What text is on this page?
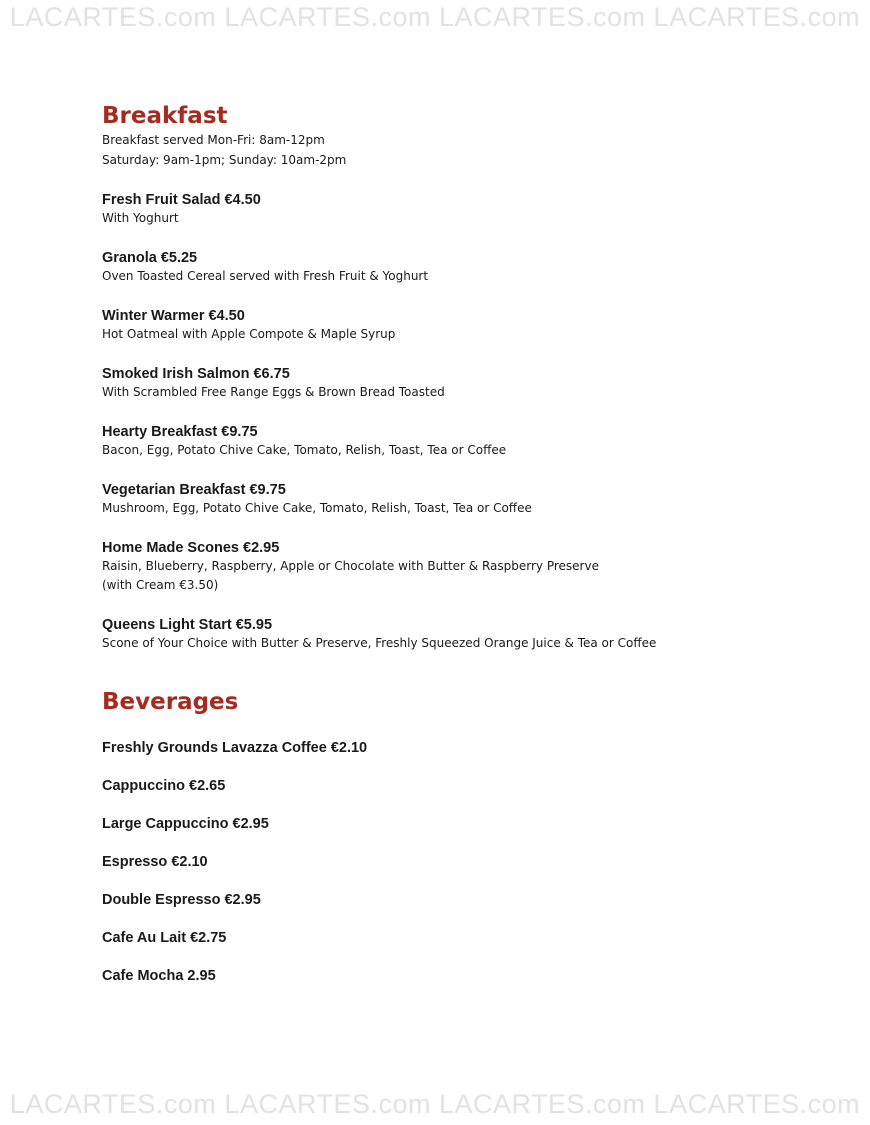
LACARTES.com LACARTES.com LACARTES.com LACARTES.com
Breakfast
Breakfast served Mon-Fri: 8am-12pm
Saturday: 9am-1pm; Sunday: 10am-2pm
Fresh Fruit Salad €4.50
With Yoghurt
Granola €5.25
Oven Toasted Cereal served with Fresh Fruit & Yoghurt
Winter Warmer €4.50
Hot Oatmeal with Apple Compote & Maple Syrup
Smoked Irish Salmon €6.75
With Scrambled Free Range Eggs & Brown Bread Toasted
Hearty Breakfast €9.75
Bacon, Egg, Potato Chive Cake, Tomato, Relish, Toast, Tea or Coffee
Vegetarian Breakfast €9.75
Mushroom, Egg, Potato Chive Cake, Tomato, Relish, Toast, Tea or Coffee
Home Made Scones €2.95
Raisin, Blueberry, Raspberry, Apple or Chocolate with Butter & Raspberry Preserve
(with Cream €3.50)
Queens Light Start €5.95
Scone of Your Choice with Butter & Preserve, Freshly Squeezed Orange Juice & Tea or Coffee
Beverages
Freshly Grounds Lavazza Coffee €2.10
Cappuccino €2.65
Large Cappuccino €2.95
Espresso €2.10
Double Espresso €2.95
Cafe Au Lait €2.75
Cafe Mocha 2.95
LACARTES.com LACARTES.com LACARTES.com LACARTES.com
